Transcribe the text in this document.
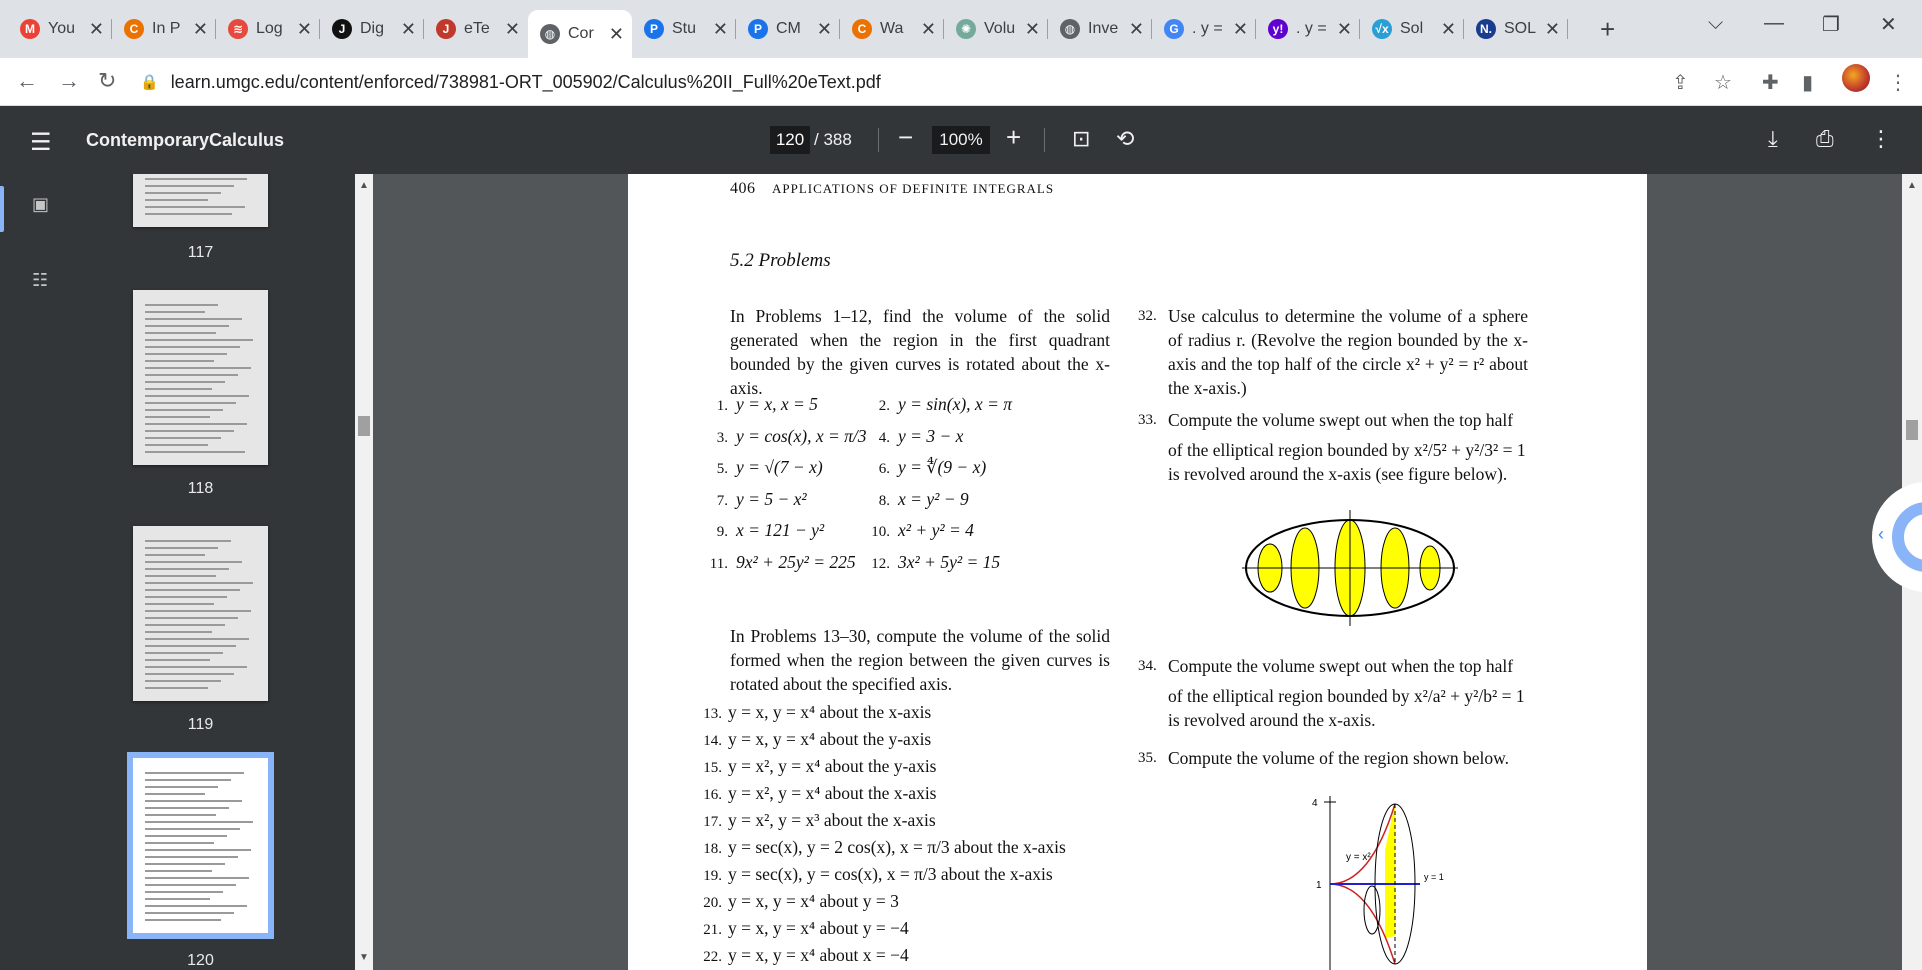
M You ✕	C In P ✕	≋ Log ✕	J Dig ✕	J eTe ✕	◍ Cor ✕	P Stu ✕	P CM ✕	C Wa ✕	✺ Volu ✕	◍ Inve ✕	G . y = ✕	y! . y = ✕ √x Sol ✕	N. SOL ✕ +	⌵ — ❐ ✕
← → ↻ 🔒 learn.umgc.edu/content/enforced/738981-ORT_005902/Calculus%20II_Full%20eText.pdf	⇪ ☆ ✚ ▮	⋮
☰ ContemporaryCalculus	120 / 388 −	100% + ⊡ ⟲	⤓ ⎙ ⋮
▣
☷
117
118
119
120
▲
▼
406 APPLICATIONS OF DEFINITE INTEGRALS
5.2 Problems
In Problems 1–12, find the volume of the solid generated when the region in the first quadrant bounded by the given curves is rotated about the x-axis.
1. y = x, x = 5	2. y = sin(x), x = π
3. y = cos(x), x = π/3 4. y = 3 − x
5. y = √(7 − x)	6. y = ∜(9 − x)
7. y = 5 − x²	8. x = y² − 9
9. x = 121 − y²	10. x² + y² = 4
11. 9x² + 25y² = 225 12. 3x² + 5y² = 15
In Problems 13–30, compute the volume of the solid formed when the region between the given curves is rotated about the specified axis.
13. y = x, y = x⁴ about the x-axis
14. y = x, y = x⁴ about the y-axis
15. y = x², y = x⁴ about the y-axis
16. y = x², y = x⁴ about the x-axis
17. y = x², y = x³ about the x-axis
18. y = sec(x), y = 2 cos(x), x = π/3 about the x-axis
19. y = sec(x), y = cos(x), x = π/3 about the x-axis
20. y = x, y = x⁴ about y = 3
21. y = x, y = x⁴ about y = −4
22. y = x, y = x⁴ about x = −4
32. Use calculus to determine the volume of a sphere of radius r. (Revolve the region bounded by the x-axis and the top half of the circle x² + y² = r² about the x-axis.)
33. Compute the volume swept out when the top half
of the elliptical region bounded by x²/5² + y²/3² = 1
is revolved around the x-axis (see figure below).
34. Compute the volume swept out when the top half
of the elliptical region bounded by x²/a² + y²/b² = 1
is revolved around the x-axis.
35. Compute the volume of the region shown below.
4
1
y = x²
y = 1
▲
‹
